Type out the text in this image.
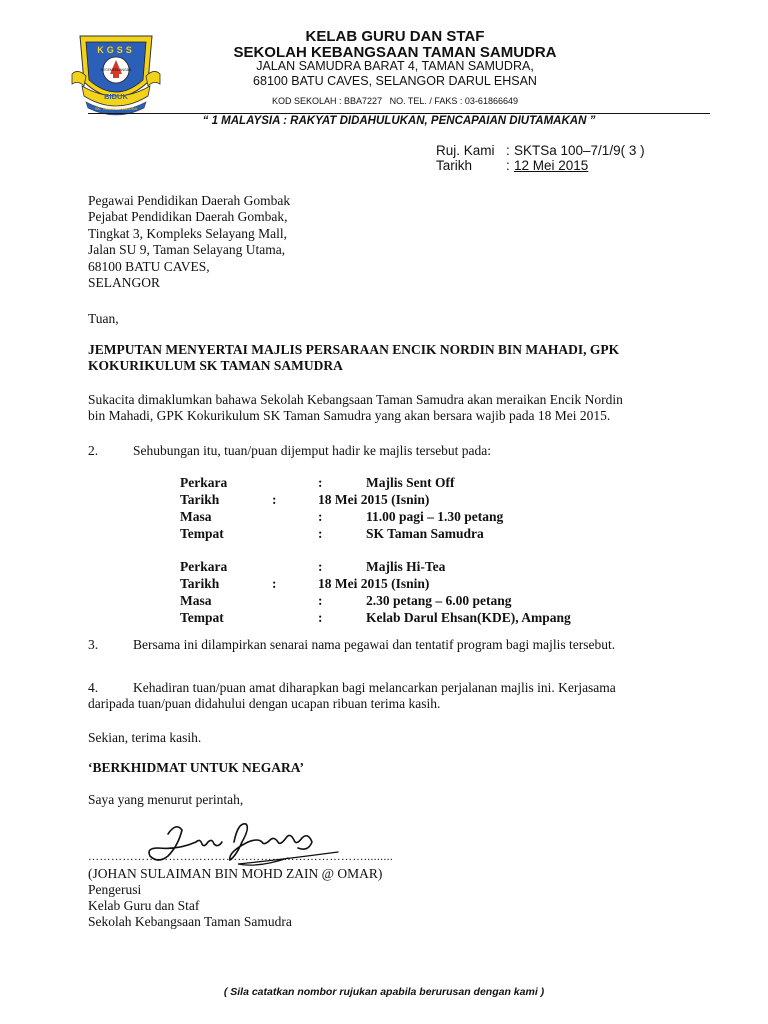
KGSS
KECEMERLANGAN
BIDUK
SK. TAMAN SAMUDRA
KELAB GURU DAN STAF
SEKOLAH KEBANGSAAN TAMAN SAMUDRA
JALAN SAMUDRA BARAT 4, TAMAN SAMUDRA,
68100 BATU CAVES, SELANGOR DARUL EHSAN
KOD SEKOLAH : BBA7227   NO. TEL. / FAKS : 03-61866649
“ 1 MALAYSIA : RAKYAT DIDAHULUKAN, PENCAPAIAN DIUTAMAKAN ”
Ruj. Kami : SKTSa 100–7/1/9( 3 )
Tarikh	: 12 Mei 2015
Pegawai Pendidikan Daerah Gombak
Pejabat Pendidikan Daerah Gombak,
Tingkat 3, Kompleks Selayang Mall,
Jalan SU 9, Taman Selayang Utama,
68100 BATU CAVES,
SELANGOR
Tuan,
JEMPUTAN MENYERTAI MAJLIS PERSARAAN ENCIK NORDIN BIN MAHADI, GPK
KOKURIKULUM SK TAMAN SAMUDRA
Sukacita dimaklumkan bahawa Sekolah Kebangsaan Taman Samudra akan meraikan Encik Nordin
bin Mahadi, GPK Kokurikulum SK Taman Samudra yang akan bersara wajib pada 18 Mei 2015.
2.	Sehubungan itu, tuan/puan dijemput hadir ke majlis tersebut pada:
Perkara	:	Majlis Sent Off
Tarikh	:	18 Mei 2015 (Isnin)
Masa	:	11.00 pagi – 1.30 petang
Tempat	:	SK Taman Samudra
Perkara	:	Majlis Hi-Tea
Tarikh	:	18 Mei 2015 (Isnin)
Masa	:	2.30 petang – 6.00 petang
Tempat	:	Kelab Darul Ehsan(KDE), Ampang
3.	Bersama ini dilampirkan senarai nama pegawai dan tentatif program bagi majlis tersebut.
4.	Kehadiran tuan/puan amat diharapkan bagi melancarkan perjalanan majlis ini. Kerjasama
daripada tuan/puan didahului dengan ucapan ribuan terima kasih.
Sekian, terima kasih.
‘BERKHIDMAT UNTUK NEGARA’
Saya yang menurut perintah,
……………………………………………………………….........
(JOHAN SULAIMAN BIN MOHD ZAIN @ OMAR)
Pengerusi
Kelab Guru dan Staf
Sekolah Kebangsaan Taman Samudra
( Sila catatkan nombor rujukan apabila berurusan dengan kami )
